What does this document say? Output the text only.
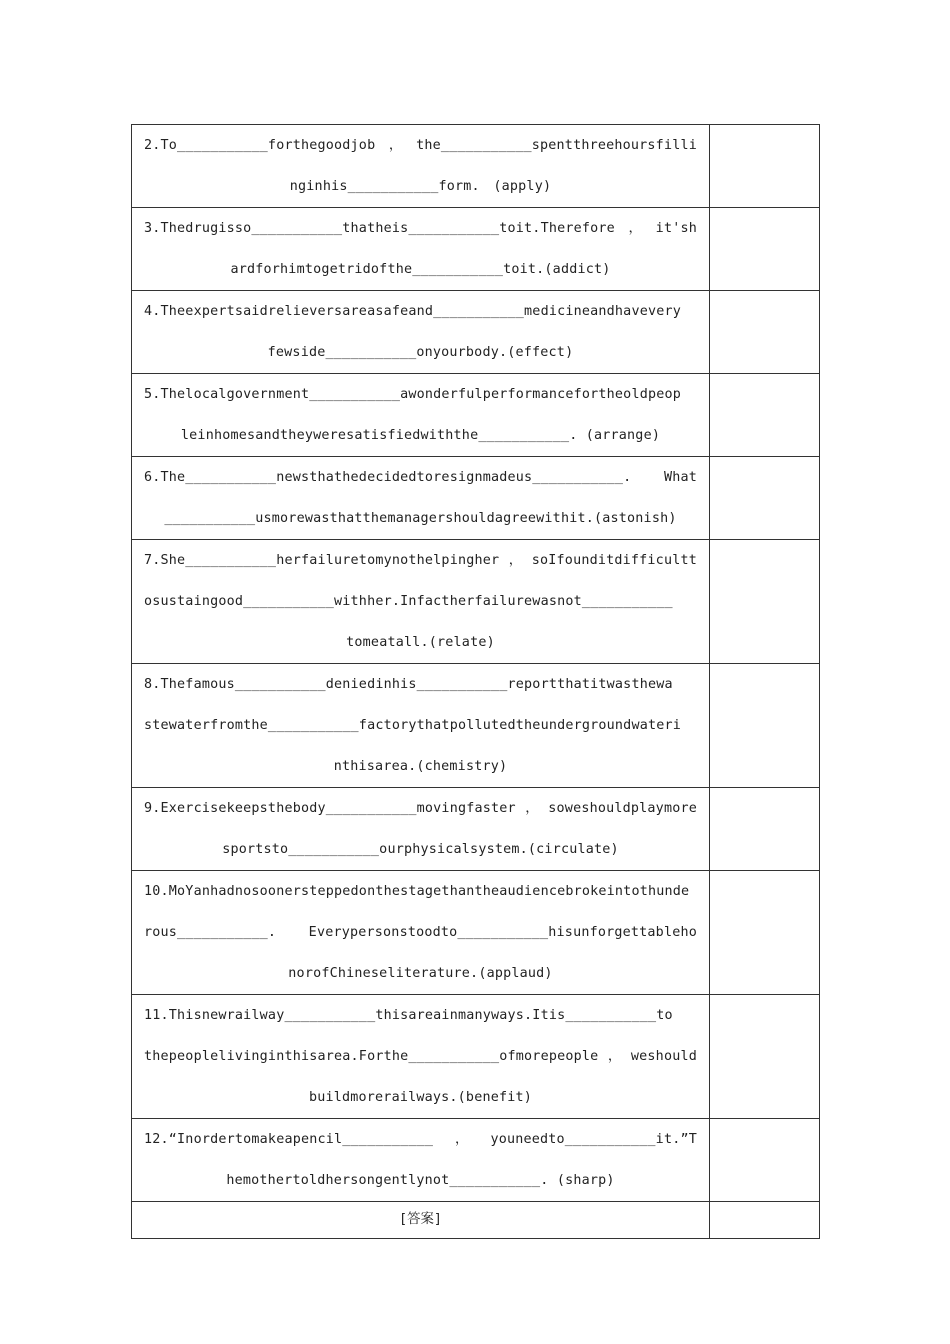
2.To___________forthegoodjob，the___________spentthreehoursfilli
nginhis___________form.　(apply)	

3.Thedrugisso___________thatheis___________toit.Therefore，it'sh
ardforhimtogetridofthe___________toit.(addict)	

4.Theexpertsaidrelieversareasafeand___________medicineandhavevery
fewside___________onyourbody.(effect)	

5.Thelocalgovernment___________awonderfulperformancefortheoldpeop
leinhomesandtheyweresatisfiedwiththe___________. (arrange)	

6.The___________newsthathedecidedtoresignmadeus___________. What
___________usmorewasthatthemanagershouldagreewithit.(astonish)	

7.She___________herfailuretomynothelpingher，soIfounditdifficultt
osustaingood___________withher.Infactherfailurewasnot___________
tomeatall.(relate)	

8.Thefamous___________deniedinhis___________reportthatitwasthewa
stewaterfromthe___________factorythatpollutedtheundergroundwateri
nthisarea.(chemistry)	

9.Exercisekeepsthebody___________movingfaster，soweshouldplaymore
sportsto___________ourphysicalsystem.(circulate)	

10.MoYanhadnosoonersteppedonthestagethantheaudiencebrokeintothunde
rous___________. Everypersonstoodto___________hisunforgettableho
norofChineseliterature.(applaud)	

11.Thisnewrailway___________thisareainmanyways.Itis___________to
thepeoplelivinginthisarea.Forthe___________ofmorepeople，weshould
buildmorerailways.(benefit)	

12.“Inordertomakeapencil___________，youneedto___________it.”T
hemothertoldhersongentlynot___________. (sharp)	

[答案]	
